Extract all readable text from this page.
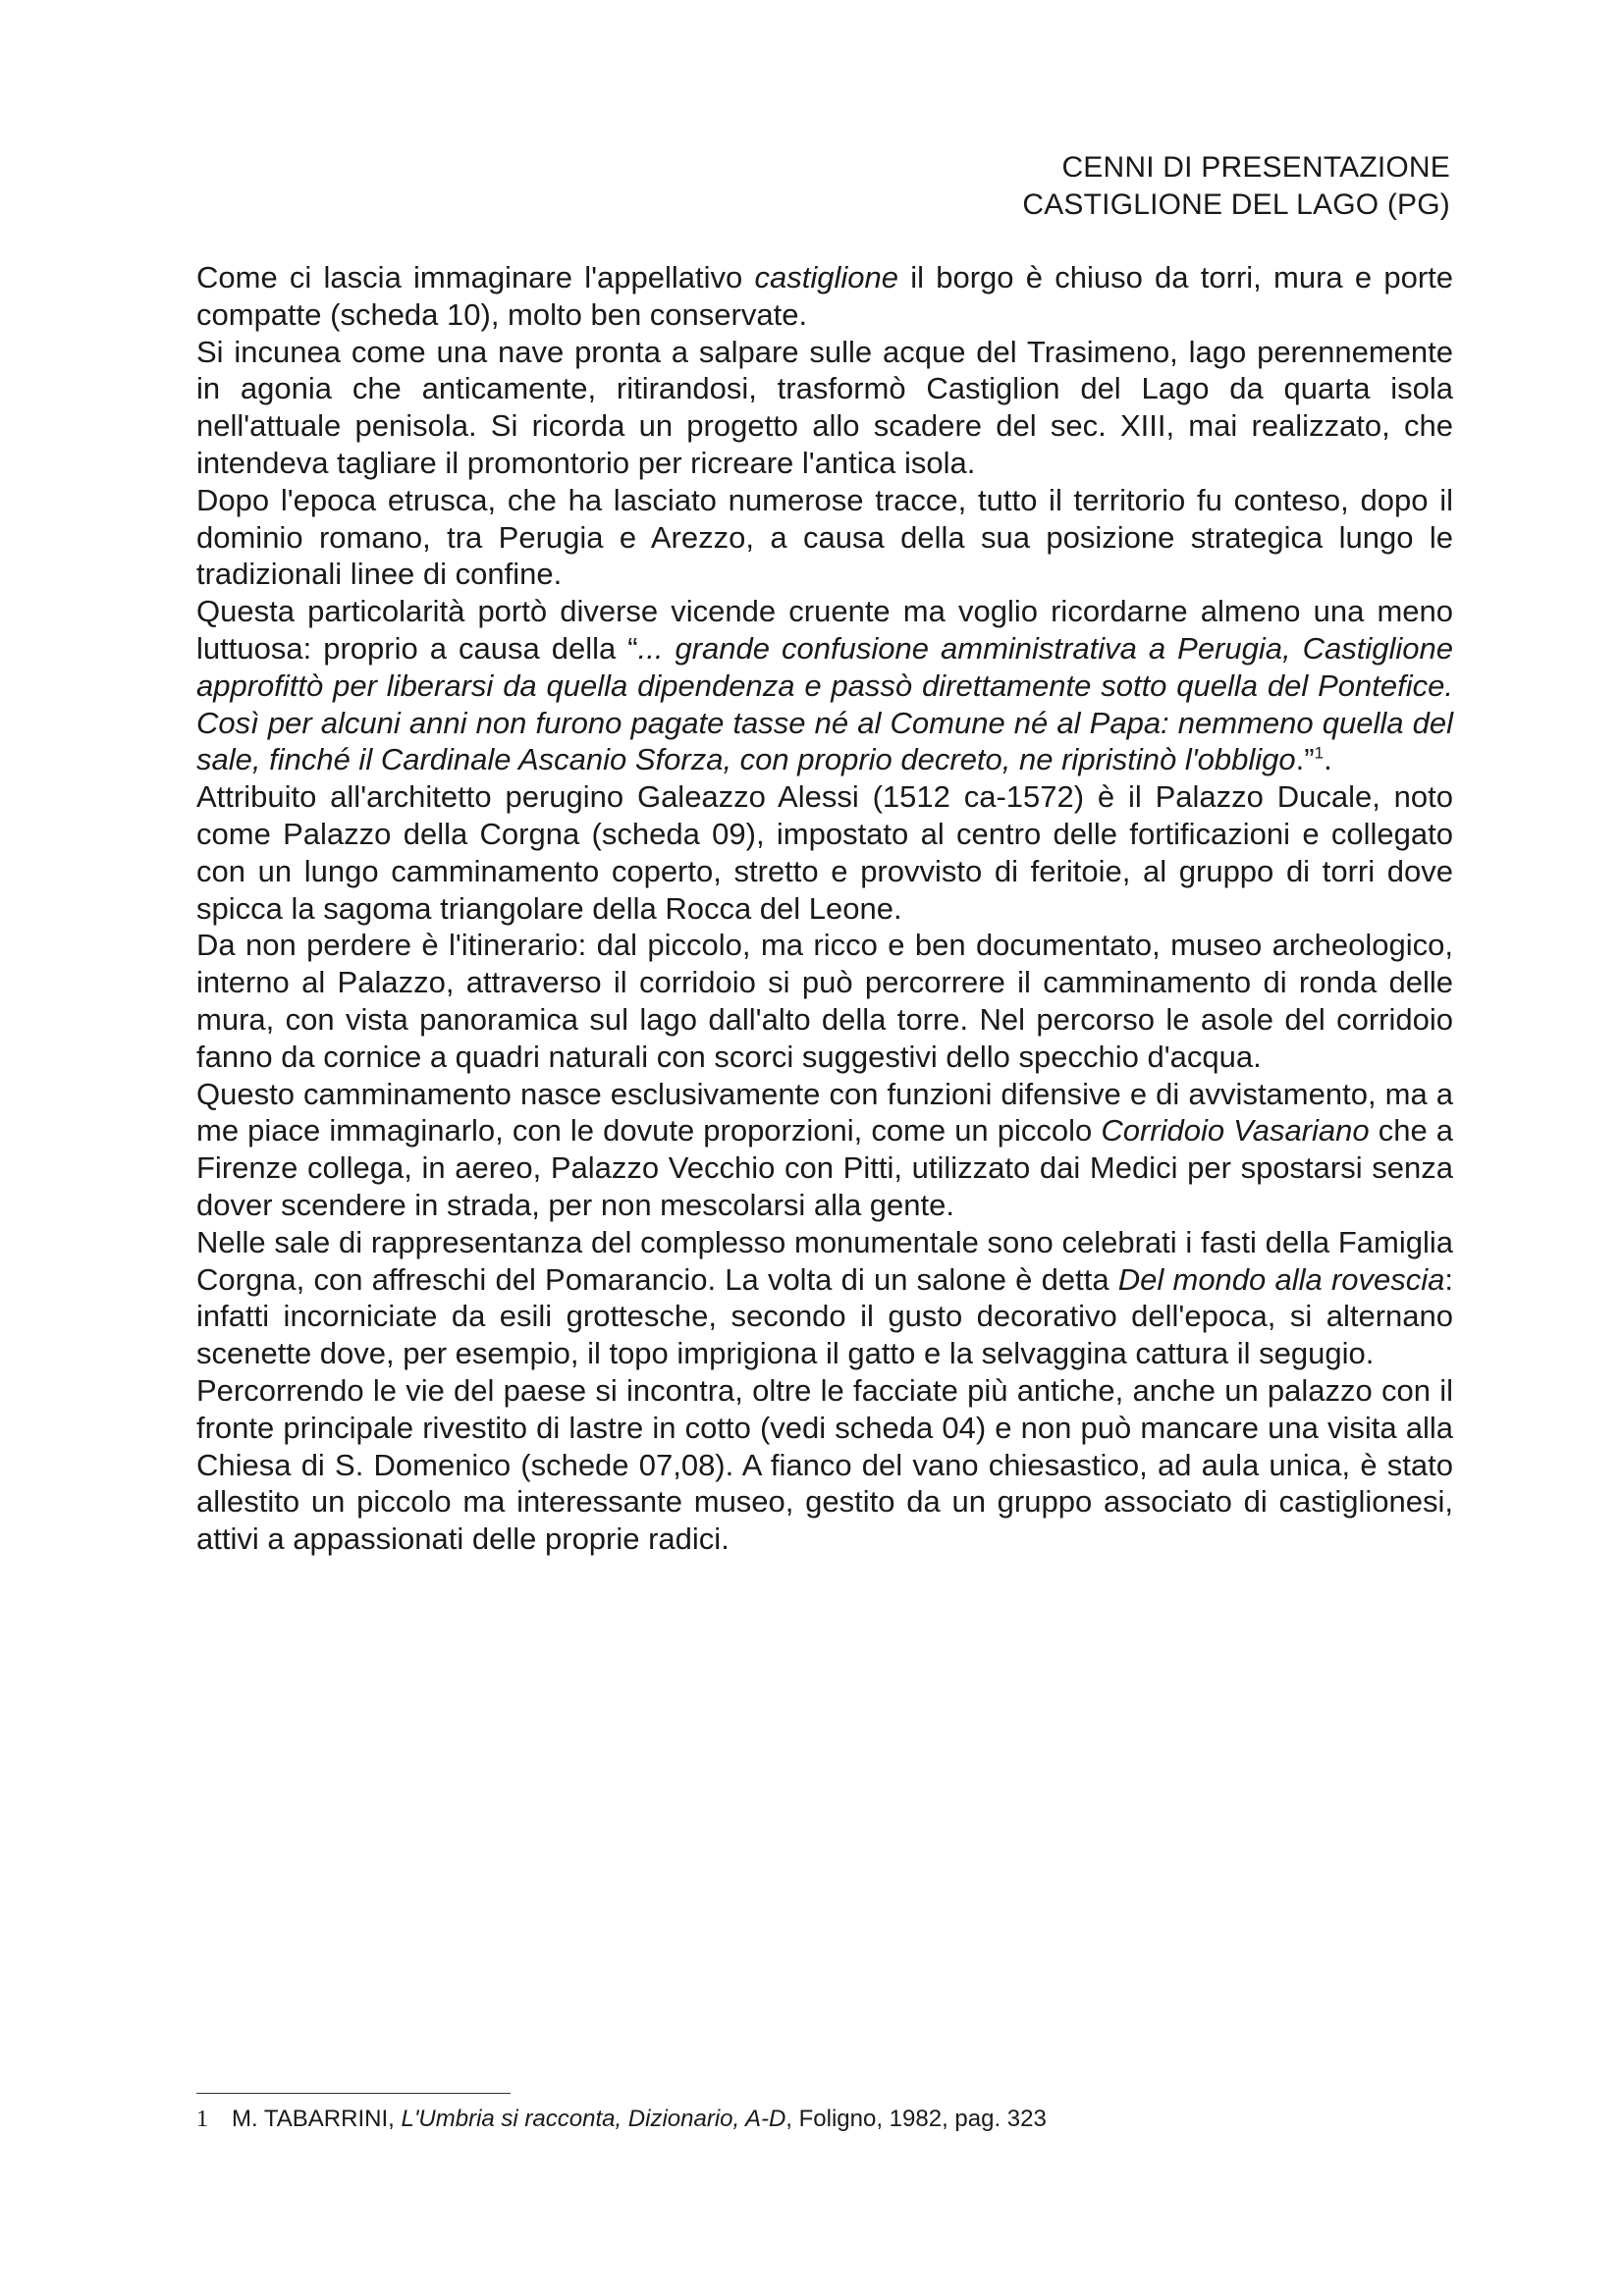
CENNI DI PRESENTAZIONE
CASTIGLIONE DEL LAGO (PG)

Come ci lascia immaginare l'appellativo castiglione il borgo è chiuso da torri, mura e porte compatte (scheda 10), molto ben conservate.

Si incunea come una nave pronta a salpare sulle acque del Trasimeno, lago perennemente in agonia che anticamente, ritirandosi, trasformò Castiglion del Lago da quarta isola nell'attuale penisola. Si ricorda un progetto allo scadere del sec. XIII, mai realizzato, che intendeva tagliare il promontorio per ricreare l'antica isola.

Dopo l'epoca etrusca, che ha lasciato numerose tracce, tutto il territorio fu conteso, dopo il dominio romano, tra Perugia e Arezzo, a causa della sua posizione strategica lungo le tradizionali linee di confine.

Questa particolarità portò diverse vicende cruente ma voglio ricordarne almeno una meno luttuosa: proprio a causa della “... grande confusione amministrativa a Perugia, Castiglione approfittò per liberarsi da quella dipendenza e passò direttamente sotto quella del Pontefice. Così per alcuni anni non furono pagate tasse né al Comune né al Papa: nemmeno quella del sale, finché il Cardinale Ascanio Sforza, con proprio decreto, ne ripristinò l'obbligo.”$^1$.

Attribuito all'architetto perugino Galeazzo Alessi (1512 ca-1572) è il Palazzo Ducale, noto come Palazzo della Corgna (scheda 09), impostato al centro delle fortificazioni e collegato con un lungo camminamento coperto, stretto e provvisto di feritoie, al gruppo di torri dove spicca la sagoma triangolare della Rocca del Leone.

Da non perdere è l'itinerario: dal piccolo, ma ricco e ben documentato, museo archeologico, interno al Palazzo, attraverso il corridoio si può percorrere il camminamento di ronda delle mura, con vista panoramica sul lago dall'alto della torre. Nel percorso le asole del corridoio fanno da cornice a quadri naturali con scorci suggestivi dello specchio d'acqua.

Questo camminamento nasce esclusivamente con funzioni difensive e di avvistamento, ma a me piace immaginarlo, con le dovute proporzioni, come un piccolo Corridoio Vasariano che a Firenze collega, in aereo, Palazzo Vecchio con Pitti, utilizzato dai Medici per spostarsi senza dover scendere in strada, per non mescolarsi alla gente.

Nelle sale di rappresentanza del complesso monumentale sono celebrati i fasti della Famiglia Corgna, con affreschi del Pomarancio. La volta di un salone è detta Del mondo alla rovescia: infatti incorniciate da esili grottesche, secondo il gusto decorativo dell'epoca, si alternano scenette dove, per esempio, il topo imprigiona il gatto e la selvaggina cattura il segugio.

Percorrendo le vie del paese si incontra, oltre le facciate più antiche, anche un palazzo con il fronte principale rivestito di lastre in cotto (vedi scheda 04) e non può mancare una visita alla Chiesa di S. Domenico (schede 07,08). A fianco del vano chiesastico, ad aula unica, è stato allestito un piccolo ma interessante museo, gestito da un gruppo associato di castiglionesi, attivi a appassionati delle proprie radici.

1 M. TABARRINI, L'Umbria si racconta, Dizionario, A-D, Foligno, 1982, pag. 323
